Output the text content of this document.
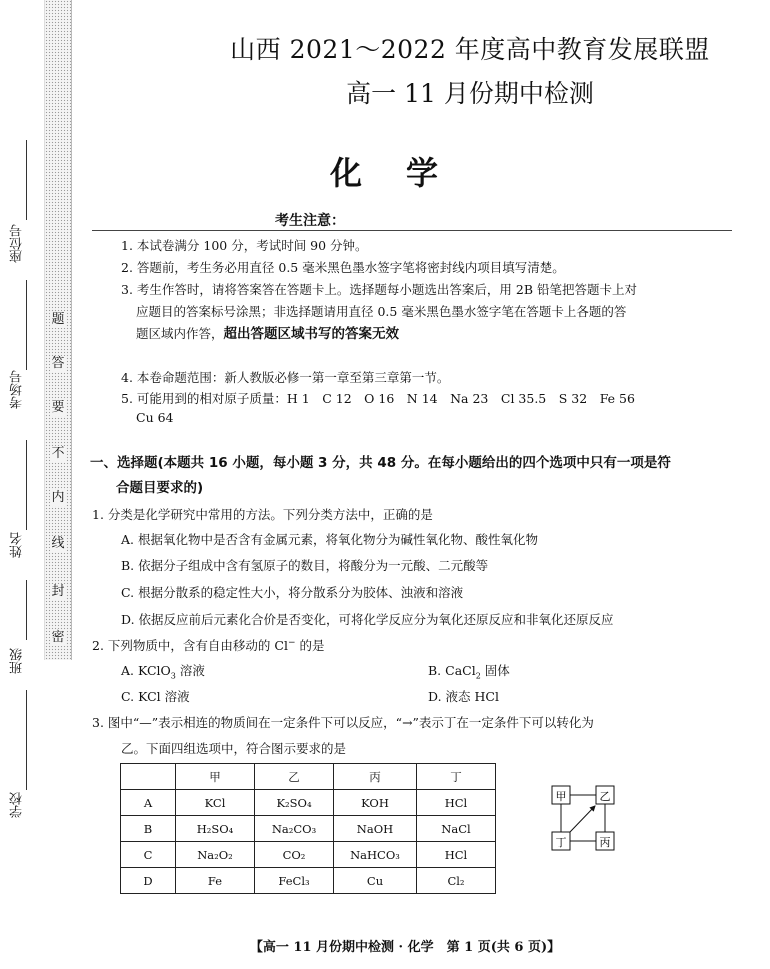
题
答
要
不
内
线
封
密
座位号
考场号
姓名
班级
学校
山西 2021～2022 年度高中教育发展联盟
高一 11 月份期中检测
化学
考生注意：
1. 本试卷满分 100 分，考试时间 90 分钟。
2. 答题前，考生务必用直径 0.5 毫米黑色墨水签字笔将密封线内项目填写清楚。
3. 考生作答时，请将答案答在答题卡上。选择题每小题选出答案后，用 2B 铅笔把答题卡上对
应题目的答案标号涂黑；非选择题请用直径 0.5 毫米黑色墨水签字笔在答题卡上各题的答
题区域内作答，超出答题区域书写的答案无效
4. 本卷命题范围：新人教版必修一第一章至第三章第一节。
5. 可能用到的相对原子质量：H 1　C 12　O 16　N 14　Na 23　Cl 35.5　S 32　Fe 56
Cu 64
一、选择题(本题共 16 小题，每小题 3 分，共 48 分。在每小题给出的四个选项中只有一项是符
合题目要求的)
1. 分类是化学研究中常用的方法。下列分类方法中，正确的是
A. 根据氧化物中是否含有金属元素，将氧化物分为碱性氧化物、酸性氧化物
B. 依据分子组成中含有氢原子的数目，将酸分为一元酸、二元酸等
C. 根据分散系的稳定性大小，将分散系分为胶体、浊液和溶液
D. 依据反应前后元素化合价是否变化，可将化学反应分为氧化还原反应和非氧化还原反应
2. 下列物质中，含有自由移动的 Cl− 的是
A. KClO$_3$ 溶液	B. CaCl$_2$ 固体
C. KCl 溶液	D. 液态 HCl
3. 图中“—”表示相连的物质间在一定条件下可以反应，“→”表示丁在一定条件下可以转化为
乙。下面四组选项中，符合图示要求的是
	甲	乙	丙	丁
A	KCl	K₂SO₄	KOH	HCl
B	H₂SO₄	Na₂CO₃	NaOH	NaCl
C	Na₂O₂	CO₂	NaHCO₃	HCl
D	Fe	FeCl₃	Cu	Cl₂
甲	乙
丁	丙
【高一 11 月份期中检测 · 化学　第 1 页(共 6 页)】
